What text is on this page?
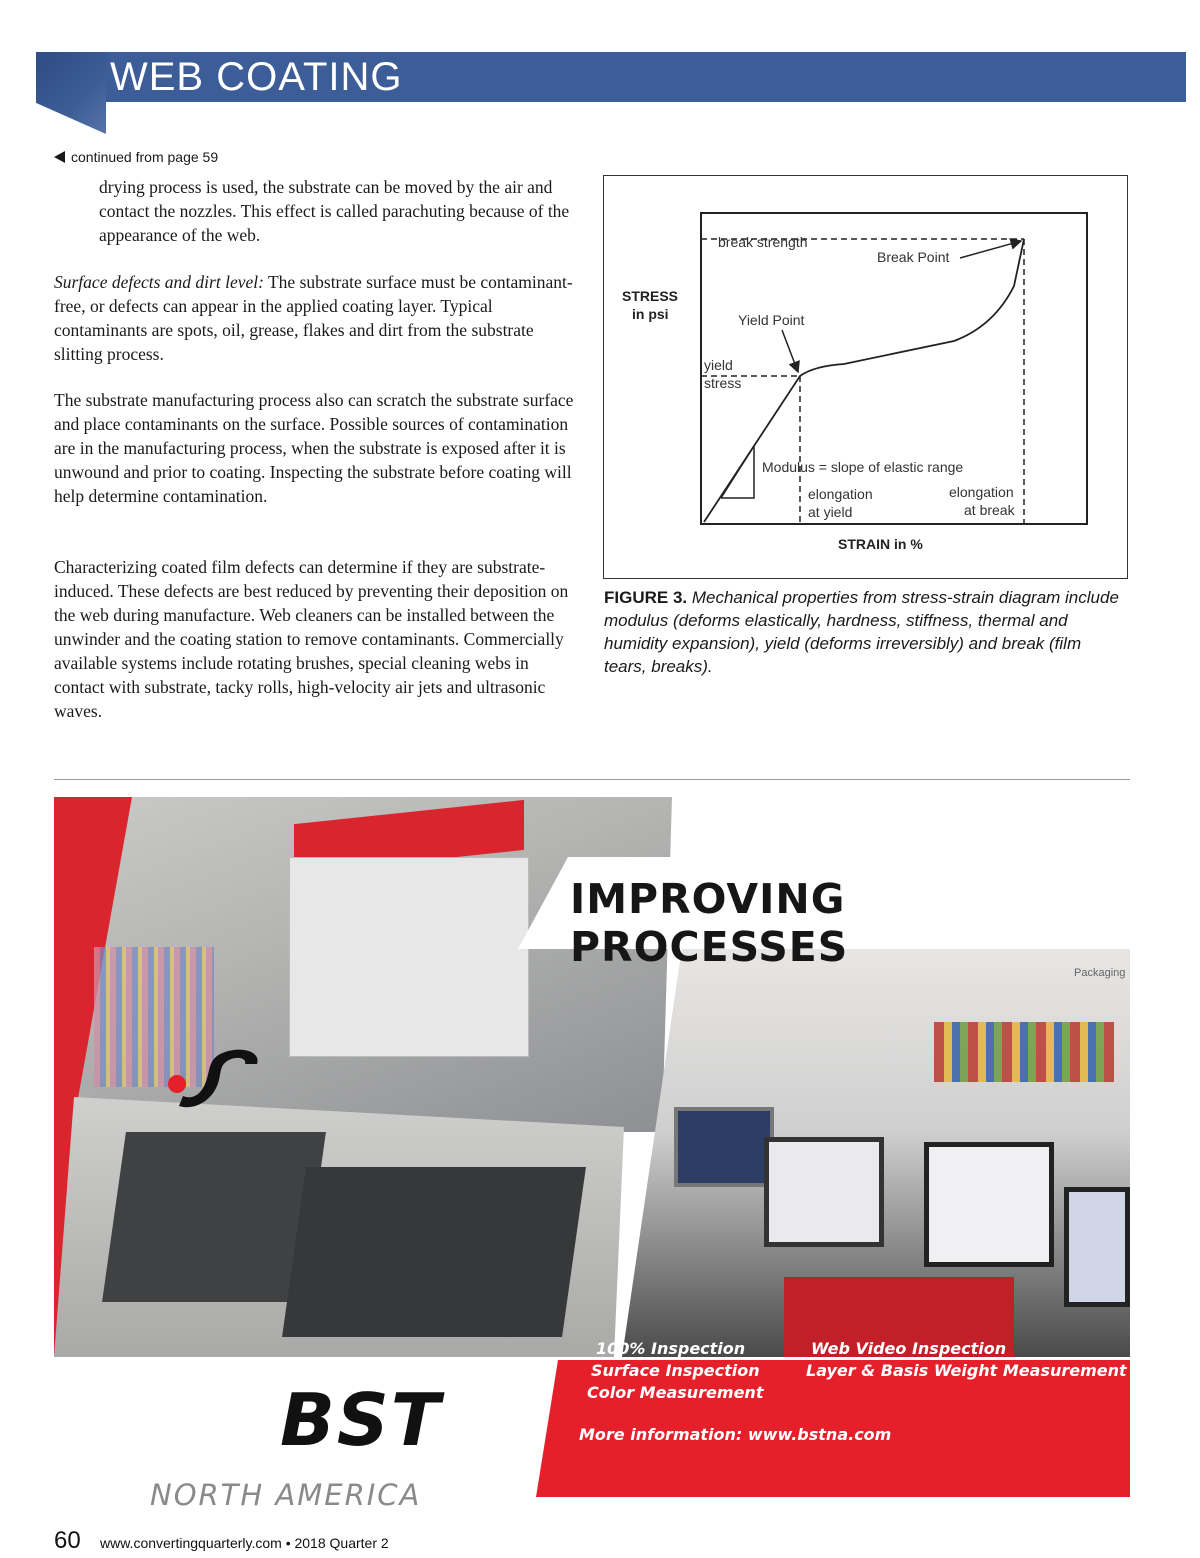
WEB COATING
continued from page 59

drying process is used, the substrate can be moved by the air and contact the nozzles. This effect is called parachuting because of the appearance of the web.

Surface defects and dirt level: The substrate surface must be contaminant-free, or defects can appear in the applied coating layer. Typical contaminants are spots, oil, grease, flakes and dirt from the substrate slitting process.

The substrate manufacturing process also can scratch the substrate surface and place contaminants on the surface. Possible sources of contamination are in the manufacturing process, when the substrate is exposed after it is unwound and prior to coating. Inspecting the substrate before coating will help determine contamination.

Characterizing coated film defects can determine if they are substrate-induced. These defects are best reduced by preventing their deposition on the web during manufacture. Web cleaners can be installed between the unwinder and the coating station to remove contaminants. Commercially available systems include rotating brushes, special cleaning webs in contact with substrate, tacky rolls, high-velocity air jets and ultrasonic waves.

break strength
Break Point
Yield Point
yield
stress
Modulus = slope of elastic range
elongation
at yield
elongation
at break
STRESS
in psi
STRAIN in %

FIGURE 3. Mechanical properties from stress-strain diagram include modulus (deforms elastically, hardness, stiffness, thermal and humidity expansion), yield (deforms irreversibly) and break (film tears, breaks).

Packaging
IMPROVING PROCESSES
100% Inspection
Surface Inspection
Color Measurement
Web Video Inspection
Layer & Basis Weight Measurement
More information: www.bstna.com
BST
NORTH AMERICA
60 www.convertingquarterly.com • 2018 Quarter 2
